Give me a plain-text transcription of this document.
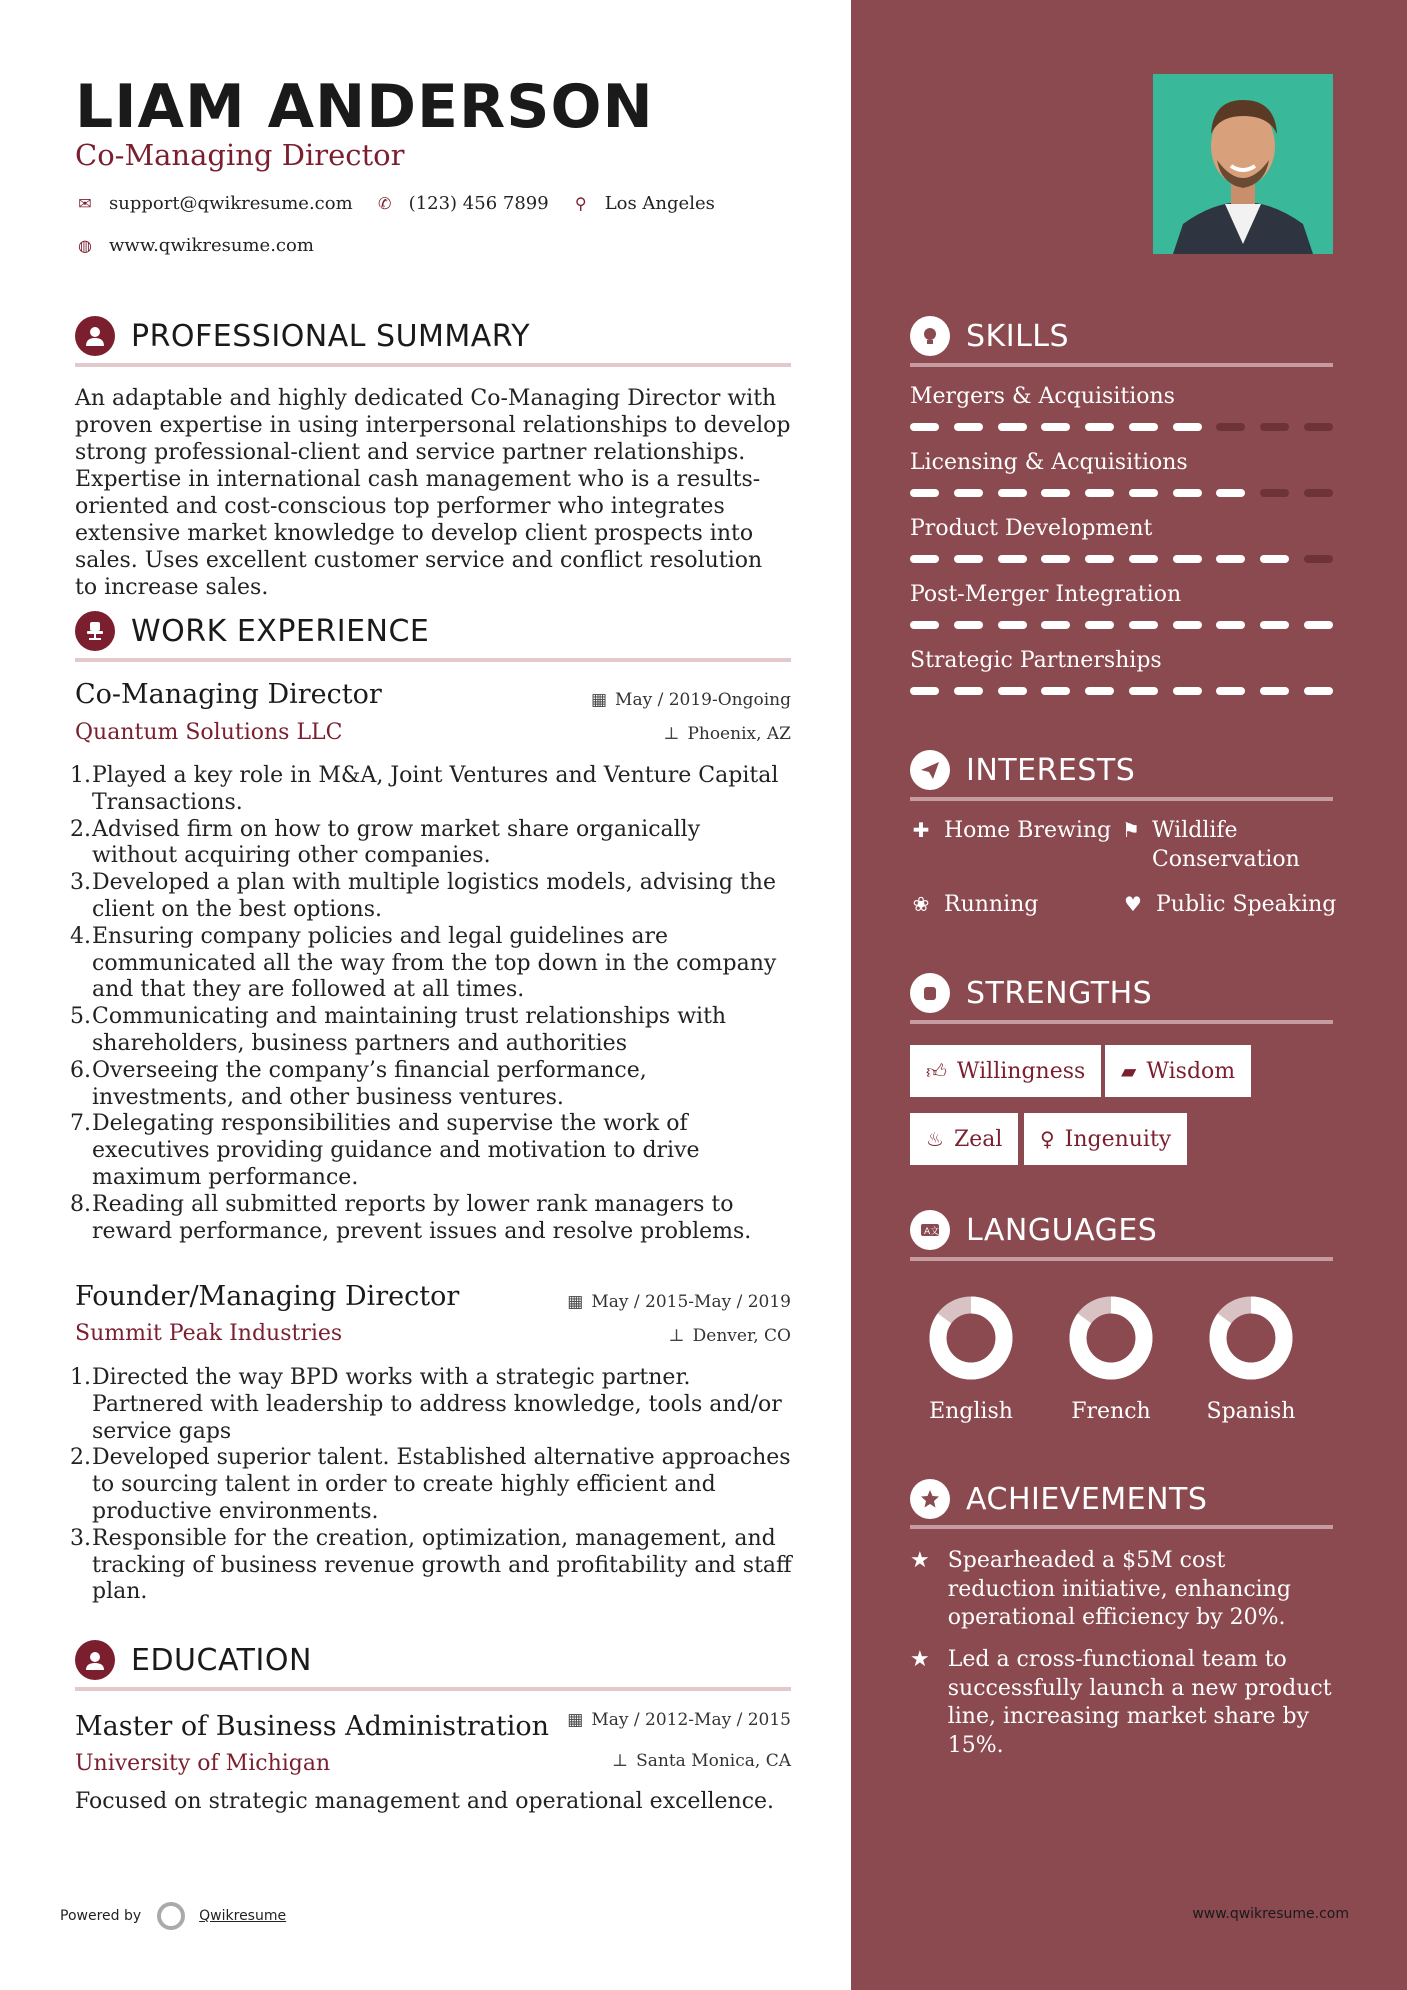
LIAM ANDERSON
Co-Managing Director
✉ support@qwikresume.com ✆ (123) 456 7899 ⚲ Los Angeles
◍ www.qwikresume.com
PROFESSIONAL SUMMARY
An adaptable and highly dedicated Co-Managing Director with proven expertise in using interpersonal relationships to develop strong professional-client and service partner relationships. Expertise in international cash management who is a results-oriented and cost-conscious top performer who integrates extensive market knowledge to develop client prospects into sales. Uses excellent customer service and conflict resolution to increase sales.
WORK EXPERIENCE
Co-Managing Director	▦ May / 2019-Ongoing
Quantum Solutions LLC	⊥ Phoenix, AZ
Played a key role in M&A, Joint Ventures and Venture Capital Transactions.
Advised firm on how to grow market share organically without acquiring other companies.
Developed a plan with multiple logistics models, advising the client on the best options.
Ensuring company policies and legal guidelines are communicated all the way from the top down in the company and that they are followed at all times.
Communicating and maintaining trust relationships with shareholders, business partners and authorities
Overseeing the company’s financial performance, investments, and other business ventures.
Delegating responsibilities and supervise the work of executives providing guidance and motivation to drive maximum performance.
Reading all submitted reports by lower rank managers to reward performance, prevent issues and resolve problems.
Founder/Managing Director	▦ May / 2015-May / 2019
Summit Peak Industries	⊥ Denver, CO
Directed the way BPD works with a strategic partner. Partnered with leadership to address knowledge, tools and/or service gaps
Developed superior talent. Established alternative approaches to sourcing talent in order to create highly efficient and productive environments.
Responsible for the creation, optimization, management, and tracking of business revenue growth and profitability and staff plan.
EDUCATION
Master of Business Administration ▦ May / 2012-May / 2015
University of Michigan	⊥ Santa Monica, CA
Focused on strategic management and operational excellence.
SKILLS
Mergers & Acquisitions
Licensing & Acquisitions
Product Development
Post-Merger Integration
Strategic Partnerships
INTERESTS
✚ Home Brewing ⚑ Wildlife Conservation
❀ Running	♥ Public Speaking
STRENGTHS
👍︎ Willingness ▰ Wisdom
♨ Zeal ♀ Ingenuity
A文 LANGUAGES
English	French	Spanish
ACHIEVEMENTS
★ Spearheaded a $5M cost reduction initiative, enhancing operational efficiency by 20%.
★ Led a cross-functional team to successfully launch a new product line, increasing market share by 15%.
Powered by	Qwikresume	www.qwikresume.com
